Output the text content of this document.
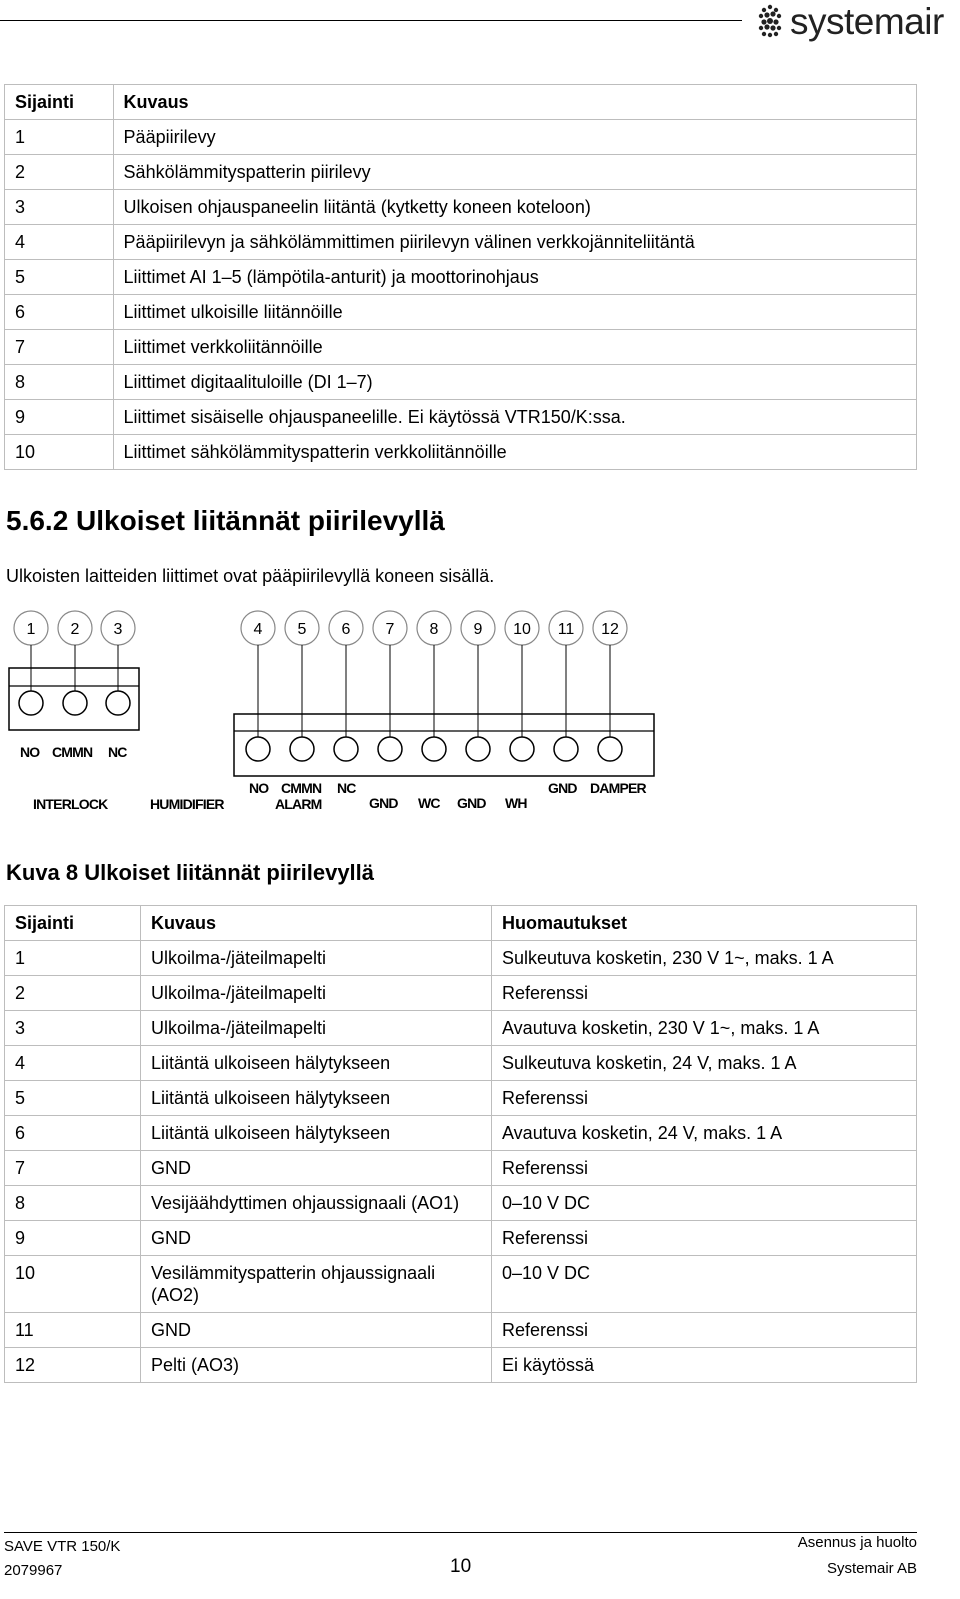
systemair
Sijainti	Kuvaus
1	Pääpiirilevy
2	Sähkölämmityspatterin piirilevy
3	Ulkoisen ohjauspaneelin liitäntä (kytketty koneen koteloon)
4	Pääpiirilevyn ja sähkölämmittimen piirilevyn välinen verkkojänniteliitäntä
5	Liittimet AI 1–5 (lämpötila-anturit) ja moottorinohjaus
6	Liittimet ulkoisille liitännöille
7	Liittimet verkkoliitännöille
8	Liittimet digitaalituloille (DI 1–7)
9	Liittimet sisäiselle ohjauspaneelille. Ei käytössä VTR150/K:ssa.
10	Liittimet sähkölämmityspatterin verkkoliitännöille
5.6.2 Ulkoiset liitännät piirilevyllä
Ulkoisten laitteiden liittimet ovat pääpiirilevyllä koneen sisällä.
1 2 3	4 5 6 7 8 9 10 11 12
NO CMMN NC
NO CMMN NC	GND DAMPER
ALARM
INTERLOCK	HUMIDIFIER	GND WC GND WH
Kuva 8 Ulkoiset liitännät piirilevyllä
Sijainti	Kuvaus	Huomautukset
1	Ulkoilma-/jäteilmapelti	Sulkeutuva kosketin, 230 V 1~, maks. 1 A
2	Ulkoilma-/jäteilmapelti	Referenssi
3	Ulkoilma-/jäteilmapelti	Avautuva kosketin, 230 V 1~, maks. 1 A
4	Liitäntä ulkoiseen hälytykseen	Sulkeutuva kosketin, 24 V, maks. 1 A
5	Liitäntä ulkoiseen hälytykseen	Referenssi
6	Liitäntä ulkoiseen hälytykseen	Avautuva kosketin, 24 V, maks. 1 A
7	GND	Referenssi
8	Vesijäähdyttimen ohjaussignaali (AO1)	0–10 V DC
9	GND	Referenssi
10	Vesilämmityspatterin ohjaussignaali (AO2)	0–10 V DC
11	GND	Referenssi
12	Pelti (AO3)	Ei käytössä
SAVE VTR 150/K
2079967	10
Asennus ja huolto
Systemair AB
